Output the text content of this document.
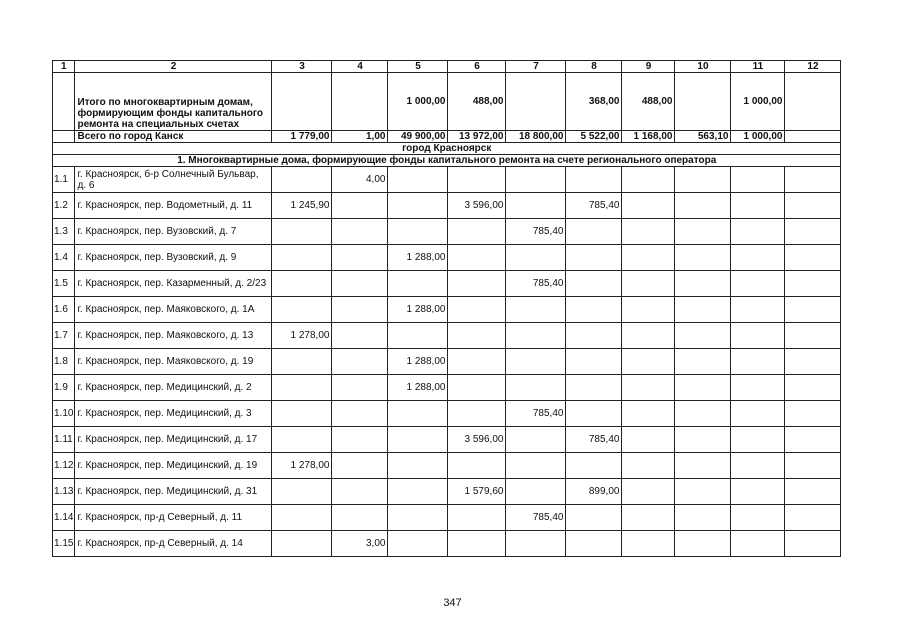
1	2	3	4	5	6	7	8	9	10	11	12
	Итого по многоквартирным домам, формирующим фонды капитального ремонта на специальных счетах			1 000,00	488,00		368,00	488,00		1 000,00	
	Всего по город Канск	1 779,00	1,00	49 900,00	13 972,00	18 800,00	5 522,00	1 168,00	563,10	1 000,00	
город Красноярск											
1. Многоквартирные дома, формирующие фонды капитального ремонта на счете регионального оператора											
1.1	г. Красноярск, б-р Солнечный Бульвар, д. 6		4,00								
1.2	г. Красноярск, пер. Водометный, д. 11	1 245,90			3 596,00		785,40				
1.3	г. Красноярск, пер. Вузовский, д. 7					785,40					
1.4	г. Красноярск, пер. Вузовский, д. 9			1 288,00							
1.5	г. Красноярск, пер. Казарменный, д. 2/23					785,40					
1.6	г. Красноярск, пер. Маяковского, д. 1А			1 288,00							
1.7	г. Красноярск, пер. Маяковского, д. 13	1 278,00									
1.8	г. Красноярск, пер. Маяковского, д. 19			1 288,00							
1.9	г. Красноярск, пер. Медицинский, д. 2			1 288,00							
1.10	г. Красноярск, пер. Медицинский, д. 3					785,40					
1.11	г. Красноярск, пер. Медицинский, д. 17				3 596,00		785,40				
1.12	г. Красноярск, пер. Медицинский, д. 19	1 278,00									
1.13	г. Красноярск, пер. Медицинский, д. 31				1 579,60		899,00				
1.14	г. Красноярск, пр-д Северный, д. 11					785,40					
1.15	г. Красноярск, пр-д Северный, д. 14		3,00								
347
